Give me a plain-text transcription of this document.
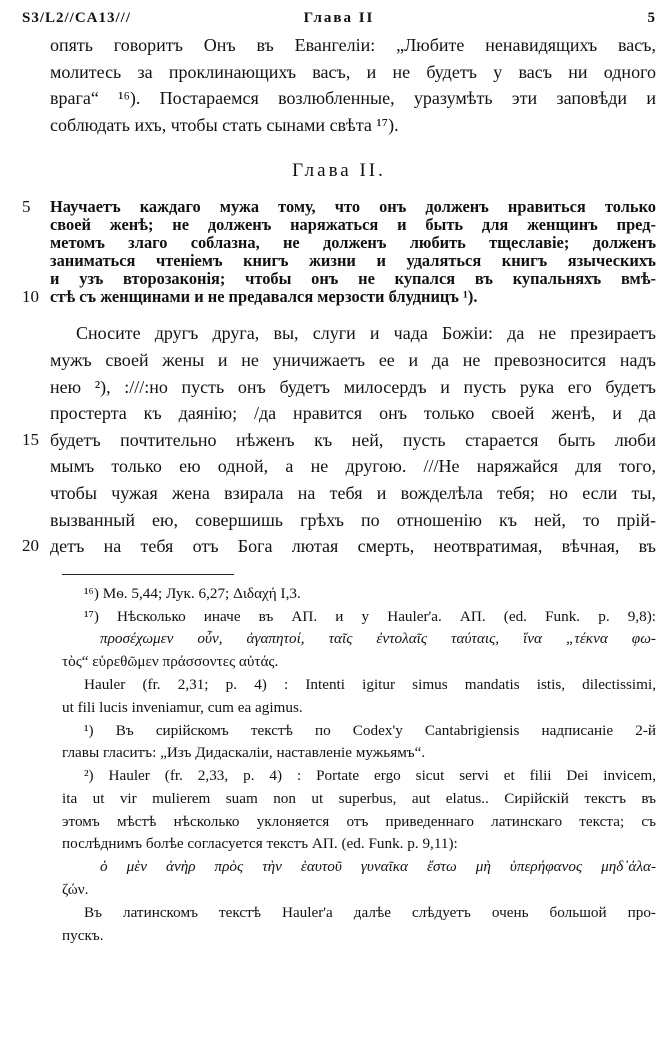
S3/L2//CA13///	Глава II	5
опять говоритъ Онъ въ Евангеліи: „Любите ненавидящихъ васъ,
молитесь за проклинающихъ васъ, и не будетъ у васъ ни одного
врага“ ¹⁶). Постараемся возлюбленные, уразумѣть эти заповѣди и
соблюдать ихъ, чтобы стать сынами свѣта ¹⁷).
Глава II.
5	Научаетъ каждаго мужа тому, что онъ долженъ нравиться только
своей женѣ; не долженъ наряжаться и быть для женщинъ пред-
метомъ злаго соблазна, не долженъ любить тщеславіе; долженъ
заниматься чтеніемъ книгъ жизни и удаляться книгъ языческихъ
и узъ второзаконія; чтобы онъ не купался въ купальняхъ вмѣ-
10 стѣ съ женщинами и не предавался мерзости блудницъ ¹).
Сносите другъ друга, вы, слуги и чада Божіи: да не презираетъ
мужъ своей жены и не уничижаетъ ее и да не превозносится надъ
нею ²), :///:но пусть онъ будетъ милосердъ и пусть рука его будетъ
простерта къ даянію; /да нравится онъ только своей женѣ, и да
15 будетъ почтительно нѣженъ къ ней, пусть старается быть люби
мымъ только ею одной, а не другою. ///Не наряжайся для того,
чтобы чужая жена взирала на тебя и вожделѣла тебя; но если ты,
вызванный ею, совершишь грѣхъ по отношенію къ ней, то прій-
20 детъ на тебя отъ Бога лютая смерть, неотвратимая, вѣчная, въ
¹⁶) Мѳ. 5,44; Лук. 6,27; Διδαχή I,3.
¹⁷) Нѣсколько иначе въ АП. и у Hauler'a. АП. (ed. Funk. p. 9,8):
προσέχωμεν οὖν, ἀγαπητοί, ταῖς ἐντολαῖς ταύταις, ἵνα „τέκνα φω-
τὸς“ εὑρεθῶμεν πράσσοντες αὐτάς.
Hauler (fr. 2,31; p. 4) : Intenti igitur simus mandatis istis, dilectissimi,
ut fili lucis inveniamur, cum ea agimus.
¹) Въ сирійскомъ текстѣ по Codex'у Cantabrigiensis надписаніе 2-й
главы гласитъ: „Изъ Дидаскаліи, наставленіе мужьямъ“.
²) Hauler (fr. 2,33, p. 4) : Portate ergo sicut servi et filii Dei invicem,
ita ut vir mulierem suam non ut superbus, aut elatus.. Сирійскій текстъ въ
этомъ мѣстѣ нѣсколько уклоняется отъ приведеннаго латинскаго текста; съ
послѣднимъ болѣе согласуется текстъ АП. (ed. Funk. p. 9,11):
ὁ μὲν ἀνὴρ πρὸς τὴν ἑαυτοῦ γυναῖκα ἔστω μὴ ὑπερήφανος μηδ᾽ἀλα-
ζών.
Въ латинскомъ текстѣ Hauler'a далѣе слѣдуетъ очень большой про-
пускъ.
